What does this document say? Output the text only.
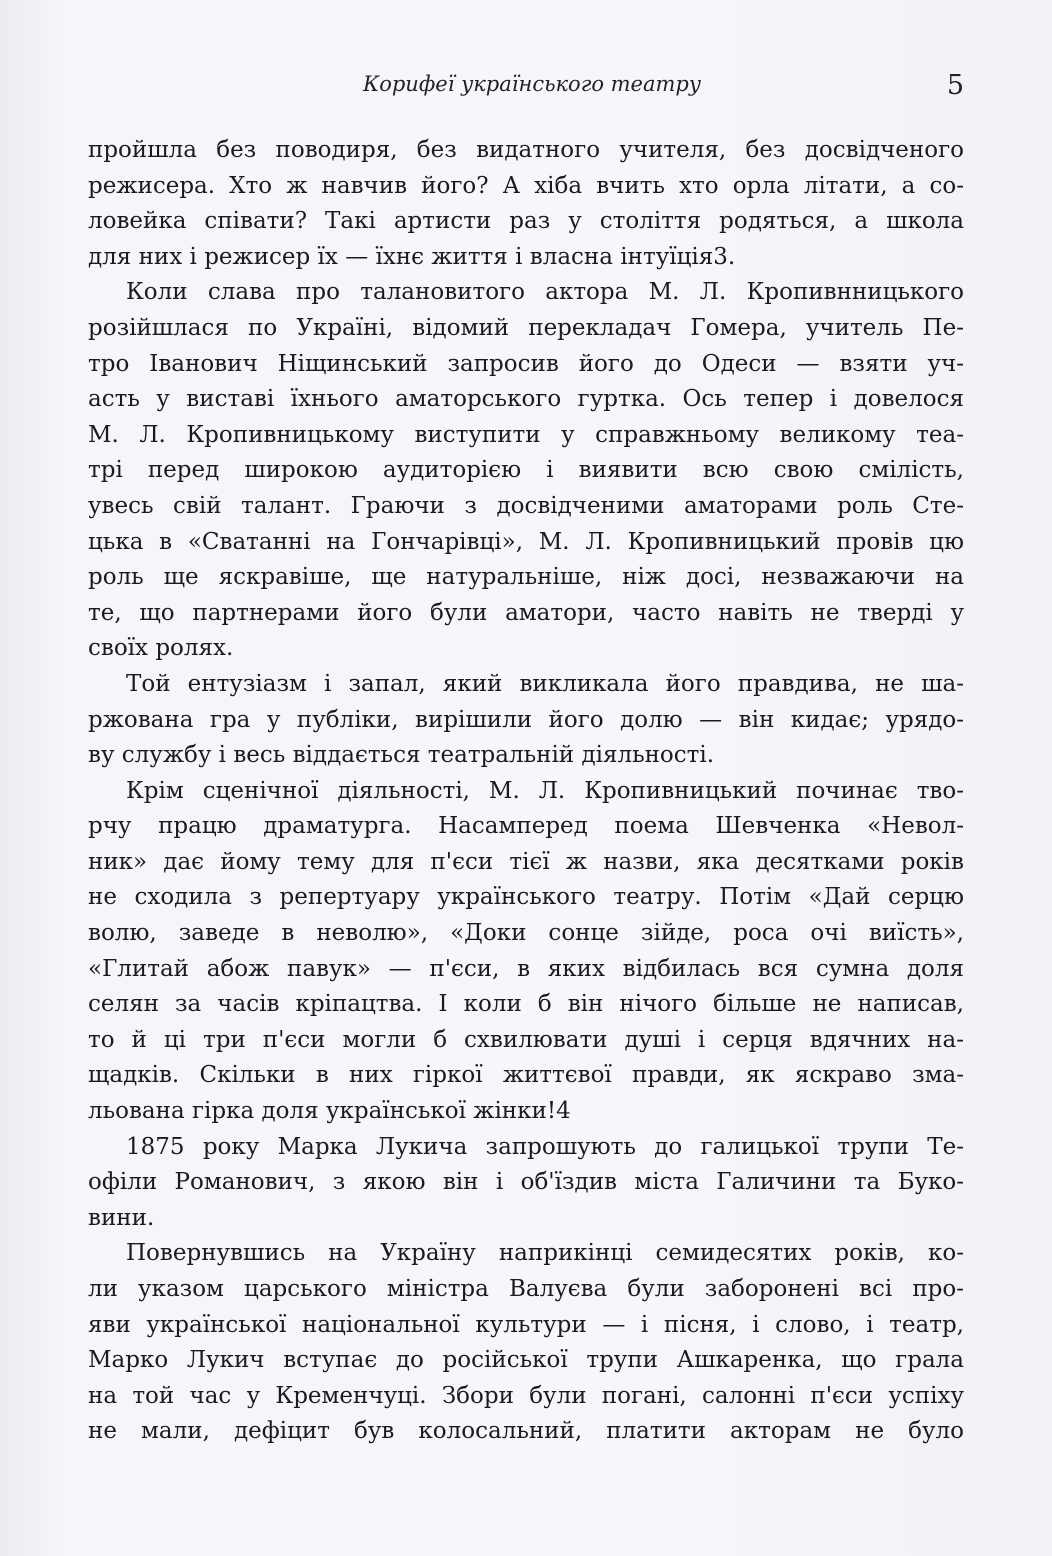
Корифеї українського театру	5
пройшла без поводиря, без видатного учителя, без досвідченого
режисера. Хто ж навчив його? А хіба вчить хто орла літати, а со-
ловейка співати? Такі артисти раз у століття родяться, а школа
для них і режисер їх — їхнє життя і власна інтуїція3.
Коли слава про талановитого актора М. Л. Кропивнницького
розійшлася по Україні, відомий перекладач Гомера, учитель Пе-
тро Іванович Ніщинський запросив його до Одеси — взяти уч-
асть у виставі їхнього аматорського гуртка. Ось тепер і довелося
М. Л. Кропивницькому виступити у справжньому великому теа-
трі перед широкою аудиторією і виявити всю свою сміліcть,
увесь свій талант. Граючи з досвідченими аматорами роль Сте-
цька в «Сватанні на Гончарівці», М. Л. Кропивницький провів цю
роль ще яскравіше, ще натуральніше, ніж досі, незважаючи на
те, що партнерами його були аматори, часто навіть не тверді у
своїх ролях.
Той ентузіазм і запал, який викликала його правдива, не ша-
ржована гра у публіки, вирішили його долю — він кидає; урядо-
ву службу і весь віддається театральній діяльності.
Крім сценічної діяльності, М. Л. Кропивницький починає тво-
рчу працю драматурга. Насамперед поема Шевченка «Невол-
ник» дає йому тему для п'єси тієї ж назви, яка десятками років
не сходила з репертуару українського театру. Потім «Дай серцю
волю, заведе в неволю», «Доки сонце зійде, роса очі виїсть»,
«Глитай абож павук» — п'єси, в яких відбилась вся сумна доля
селян за часів кріпацтва. І коли б він нічого більше не написав,
то й ці три п'єси могли б схвилювати душі і серця вдячних на-
щадків. Скільки в них гіркої життєвої правди, як яскраво зма-
льована гірка доля української жінки!4
1875 року Марка Лукича запрошують до галицької трупи Те-
офіли Романович, з якою він і об'їздив міста Галичини та Буко-
вини.
Повернувшись на Україну наприкінці семидесятих років, ко-
ли указом царського міністра Валуєва були заборонені всі про-
яви української національної культури — і пісня, і слово, і театр,
Марко Лукич вступає до російської трупи Ашкаренка, що грала
на той час у Кременчуці. Збори були погані, салонні п'єси успіху
не мали, дефіцит був колосальний, платити акторам не було
